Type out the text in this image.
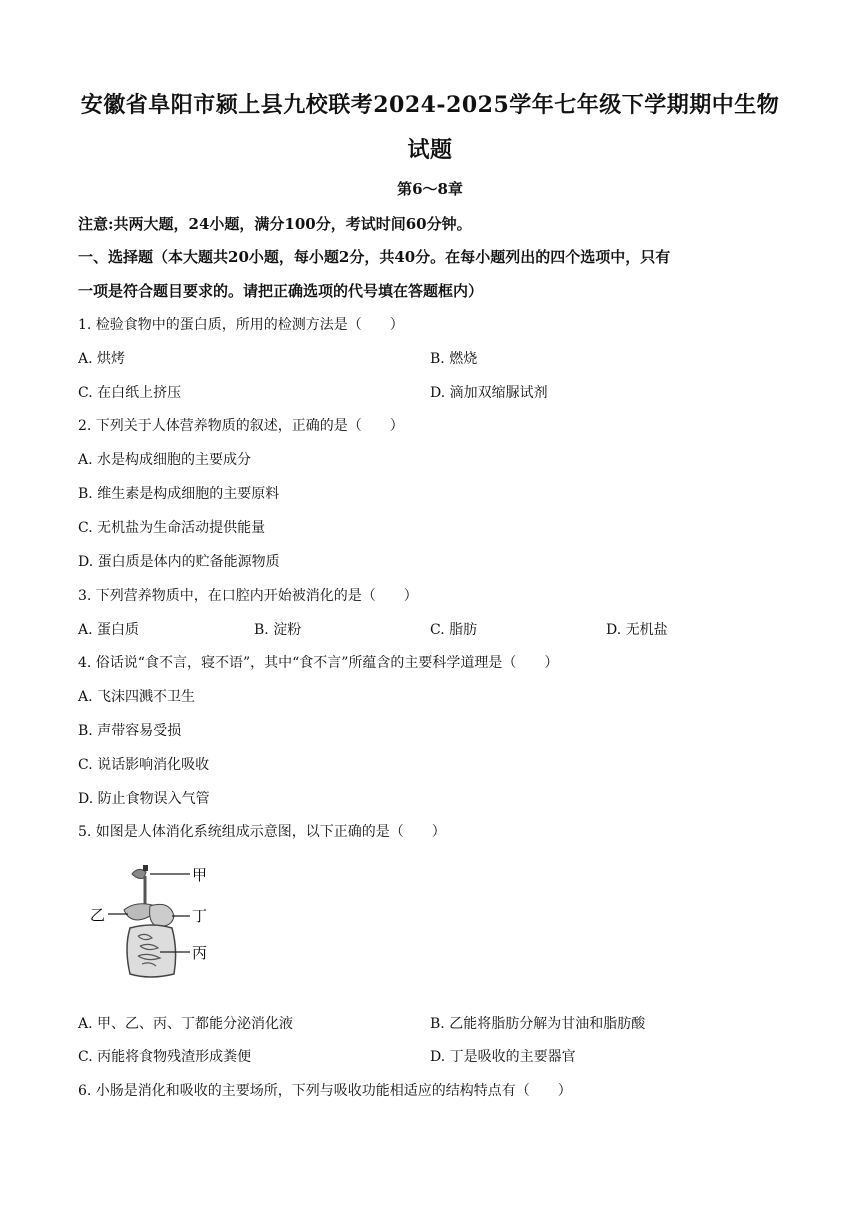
安徽省阜阳市颍上县九校联考2024-2025学年七年级下学期期中生物
试题
第6～8章
注意:共两大题，24小题，满分100分，考试时间60分钟。
一、选择题（本大题共20小题，每小题2分，共40分。在每小题列出的四个选项中，只有
一项是符合题目要求的。请把正确选项的代号填在答题框内）
1. 检验食物中的蛋白质，所用的检测方法是（　　）
A. 烘烤	B. 燃烧
C. 在白纸上挤压	D. 滴加双缩脲试剂
2. 下列关于人体营养物质的叙述，正确的是（　　）
A. 水是构成细胞的主要成分
B. 维生素是构成细胞的主要原料
C. 无机盐为生命活动提供能量
D. 蛋白质是体内的贮备能源物质
3. 下列营养物质中，在口腔内开始被消化的是（　　）
A. 蛋白质	B. 淀粉	C. 脂肪	D. 无机盐
4. 俗话说“食不言，寝不语”，其中“食不言”所蕴含的主要科学道理是（　　）
A. 飞沫四溅不卫生
B. 声带容易受损
C. 说话影响消化吸收
D. 防止食物误入气管
5. 如图是人体消化系统组成示意图，以下正确的是（　　）
甲
乙	丁
丙
A. 甲、乙、丙、丁都能分泌消化液	B. 乙能将脂肪分解为甘油和脂肪酸
C. 丙能将食物残渣形成粪便	D. 丁是吸收的主要器官
6. 小肠是消化和吸收的主要场所，下列与吸收功能相适应的结构特点有（　　）
